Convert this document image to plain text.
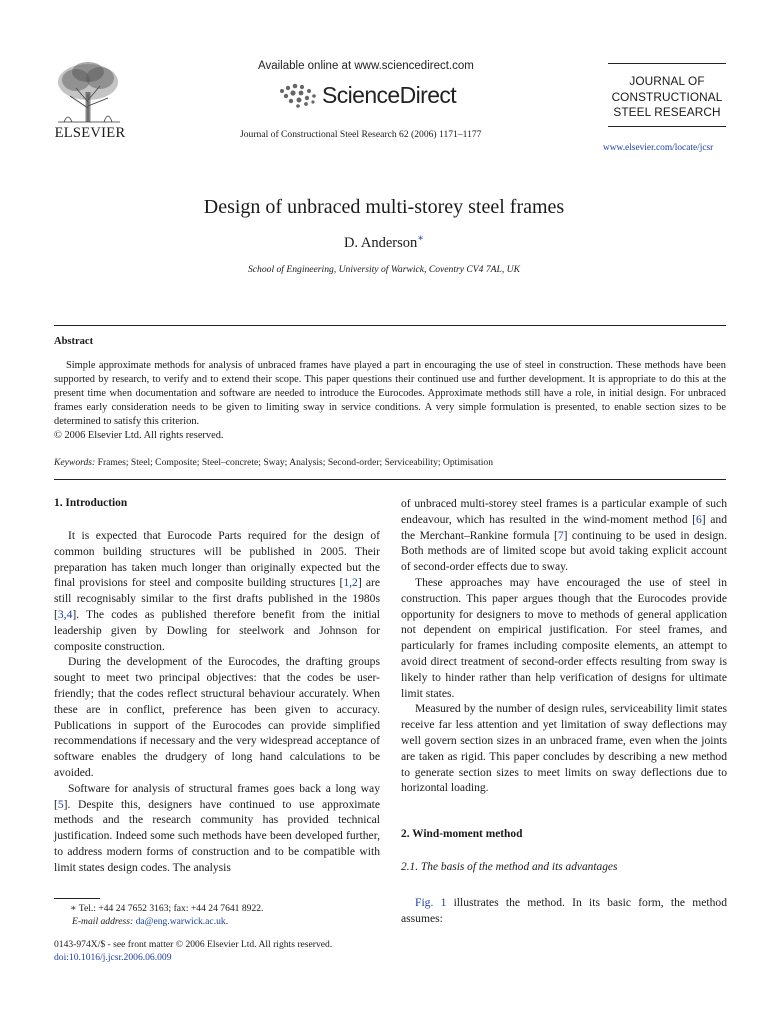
ELSEVIER
Available online at www.sciencedirect.com
ScienceDirect
Journal of Constructional Steel Research 62 (2006) 1171–1177
JOURNAL OF
CONSTRUCTIONAL
STEEL RESEARCH
www.elsevier.com/locate/jcsr
Design of unbraced multi-storey steel frames
D. Anderson∗
School of Engineering, University of Warwick, Coventry CV4 7AL, UK
Abstract
Simple approximate methods for analysis of unbraced frames have played a part in encouraging the use of steel in construction. These methods have been supported by research, to verify and to extend their scope. This paper questions their continued use and further development. It is appropriate to do this at the present time when documentation and software are needed to introduce the Eurocodes. Approximate methods still have a role, in initial design. For unbraced frames early consideration needs to be given to limiting sway in service conditions. A very simple formulation is presented, to enable section sizes to be determined to satisfy this criterion.
© 2006 Elsevier Ltd. All rights reserved.
Keywords: Frames; Steel; Composite; Steel–concrete; Sway; Analysis; Second-order; Serviceability; Optimisation
1. Introduction

It is expected that Eurocode Parts required for the design of common building structures will be published in 2005. Their preparation has taken much longer than originally expected but the final provisions for steel and composite building structures [1,2] are still recognisably similar to the first drafts published in the 1980s [3,4]. The codes as published therefore benefit from the initial leadership given by Dowling for steelwork and Johnson for composite construction.

During the development of the Eurocodes, the drafting groups sought to meet two principal objectives: that the codes be user-friendly; that the codes reflect structural behaviour accurately. When these are in conflict, preference has been given to accuracy. Publications in support of the Eurocodes can provide simplified recommendations if necessary and the very widespread acceptance of software enables the drudgery of long hand calculations to be avoided.

Software for analysis of structural frames goes back a long way [5]. Despite this, designers have continued to use approximate methods and the research community has provided technical justification. Indeed some such methods have been developed further, to address modern forms of construction and to be compatible with limit states design codes. The analysis

of unbraced multi-storey steel frames is a particular example of such endeavour, which has resulted in the wind-moment method [6] and the Merchant–Rankine formula [7] continuing to be used in design. Both methods are of limited scope but avoid taking explicit account of second-order effects due to sway.

These approaches may have encouraged the use of steel in construction. This paper argues though that the Eurocodes provide opportunity for designers to move to methods of general application not dependent on empirical justification. For steel frames, and particularly for frames including composite elements, an attempt to avoid direct treatment of second-order effects resulting from sway is likely to hinder rather than help verification of designs for ultimate limit states.

Measured by the number of design rules, serviceability limit states receive far less attention and yet limitation of sway deflections may well govern section sizes in an unbraced frame, even when the joints are taken as rigid. This paper concludes by describing a new method to generate section sizes to meet limits on sway deflections due to horizontal loading.

2. Wind-moment method
2.1. The basis of the method and its advantages

Fig. 1 illustrates the method. In its basic form, the method assumes:

∗ Tel.: +44 24 7652 3163; fax: +44 24 7641 8922.
E-mail address: da@eng.warwick.ac.uk.
0143-974X/$ - see front matter © 2006 Elsevier Ltd. All rights reserved.
doi:10.1016/j.jcsr.2006.06.009
